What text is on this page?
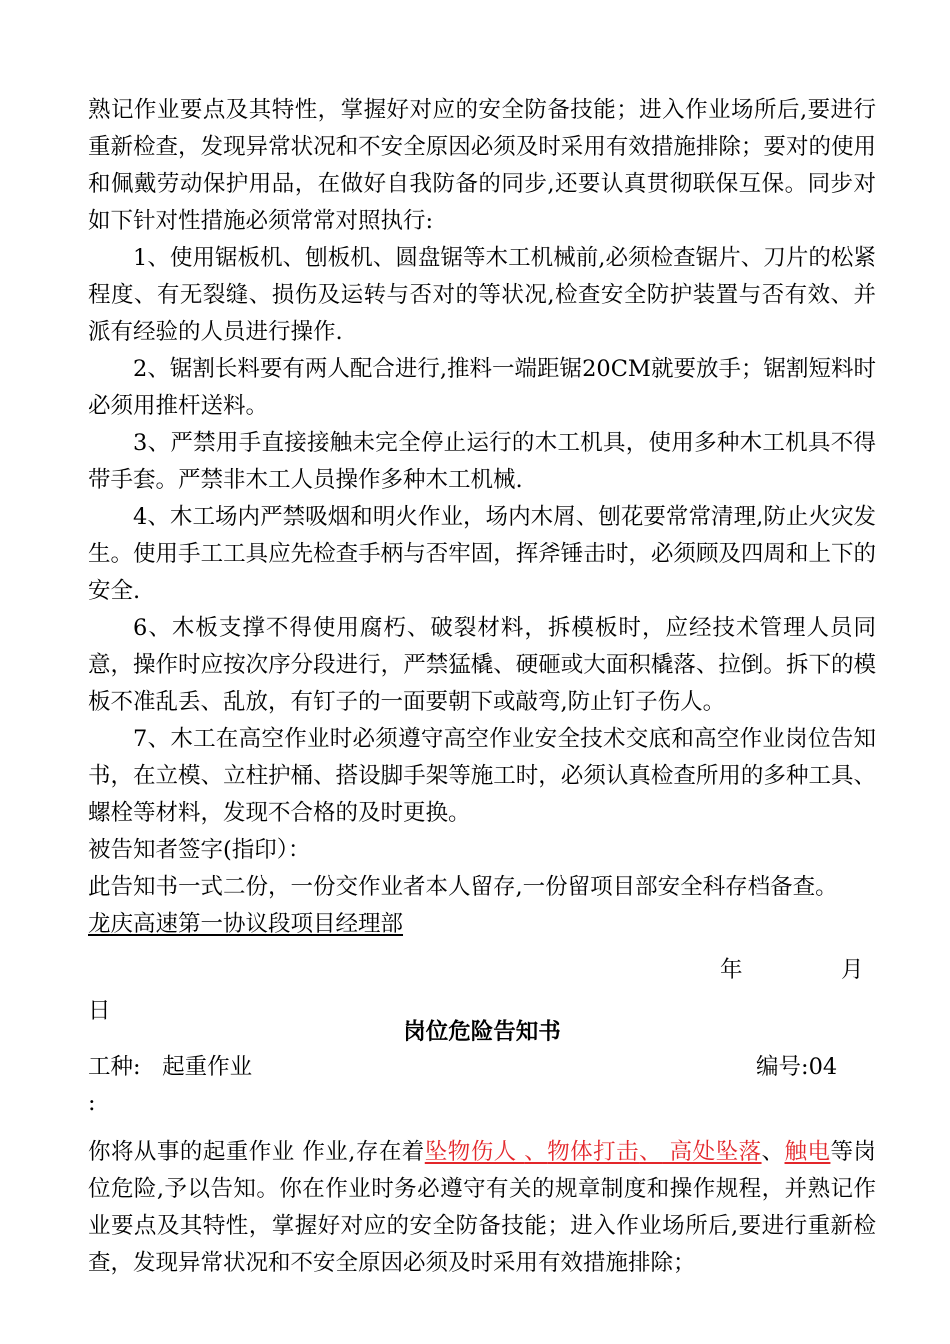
熟记作业要点及其特性，掌握好对应的安全防备技能；进入作业场所后,要进行重新检查，发现异常状况和不安全原因必须及时采用有效措施排除；要对的使用和佩戴劳动保护用品，在做好自我防备的同步,还要认真贯彻联保互保。同步对如下针对性措施必须常常对照执行:

1、使用锯板机、刨板机、圆盘锯等木工机械前,必须检查锯片、刀片的松紧程度、有无裂缝、损伤及运转与否对的等状况,检查安全防护装置与否有效、并派有经验的人员进行操作.

2、锯割长料要有两人配合进行,推料一端距锯20CM就要放手；锯割短料时必须用推杆送料。

3、严禁用手直接接触未完全停止运行的木工机具，使用多种木工机具不得带手套。严禁非木工人员操作多种木工机械.

4、木工场内严禁吸烟和明火作业，场内木屑、刨花要常常清理,防止火灾发生。使用手工工具应先检查手柄与否牢固，挥斧锤击时，必须顾及四周和上下的安全.

6、木板支撑不得使用腐朽、破裂材料，拆模板时，应经技术管理人员同意，操作时应按次序分段进行，严禁猛橇、硬砸或大面积橇落、拉倒。拆下的模板不准乱丢、乱放，有钉子的一面要朝下或敲弯,防止钉子伤人。

7、木工在高空作业时必须遵守高空作业安全技术交底和高空作业岗位告知书，在立模、立柱护桶、搭设脚手架等施工时，必须认真检查所用的多种工具、螺栓等材料，发现不合格的及时更换。

被告知者签字(指印）：

此告知书一式二份，一份交作业者本人留存,一份留项目部安全科存档备查。

龙庆高速第一协议段项目经理部

年	月

日

岗位危险告知书

工种: 起重作业	编号:04

:

你将从事的起重作业 作业,存在着坠物伤人 、物体打击、 高处坠落、触电等岗位危险,予以告知。你在作业时务必遵守有关的规章制度和操作规程，并熟记作业要点及其特性，掌握好对应的安全防备技能；进入作业场所后,要进行重新检查，发现异常状况和不安全原因必须及时采用有效措施排除；
